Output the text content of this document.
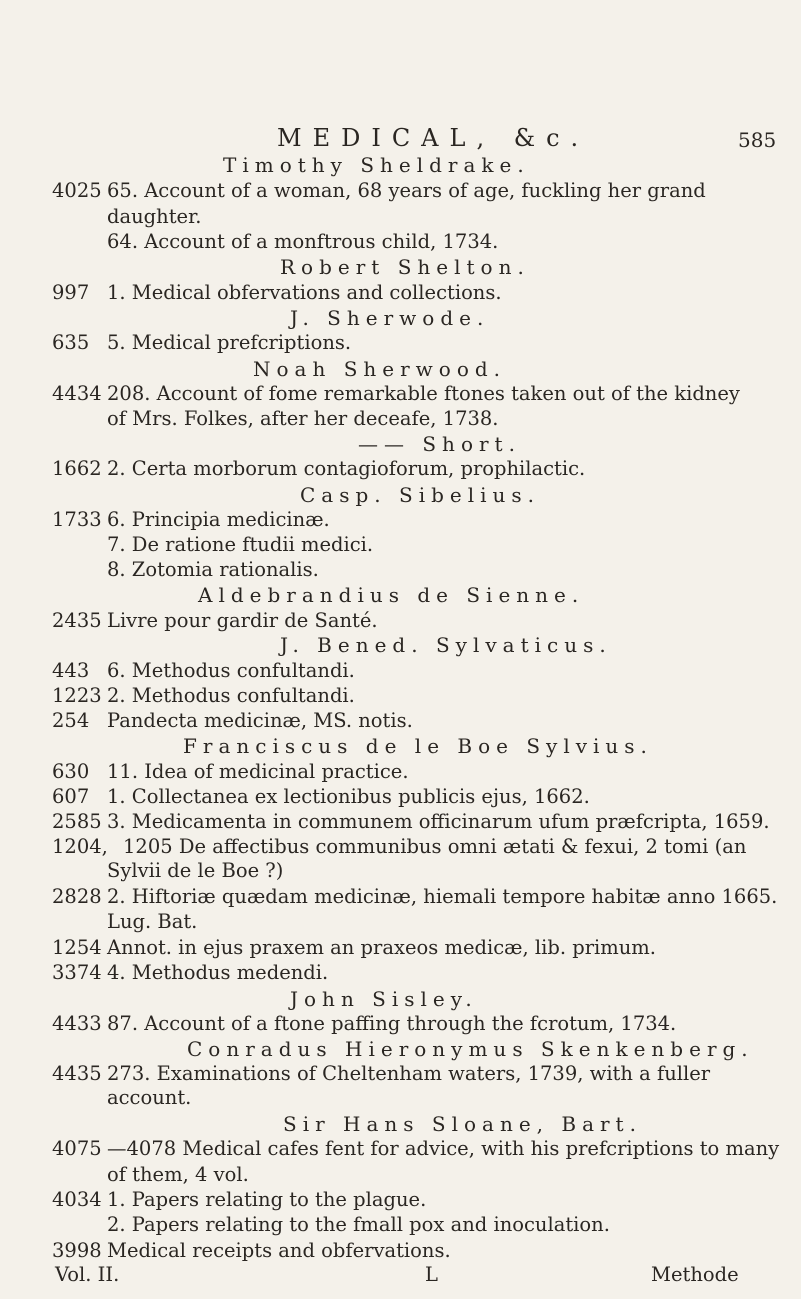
MEDICAL, &c.	585
Timothy Sheldrake.
4025 65. Account of a woman, 68 years of age, fuckling her grand
daughter.
64. Account of a monftrous child, 1734.
Robert Shelton.
997 1. Medical obfervations and collections.
J. Sherwode.
635 5. Medical prefcriptions.
Noah Sherwood.
4434 208. Account of fome remarkable ftones taken out of the kidney
of Mrs. Folkes, after her deceafe, 1738.
—— Short.
1662 2. Certa morborum contagioforum, prophilactic.
Casp. Sibelius.
1733 6. Principia medicinæ.
7. De ratione ftudii medici.
8. Zotomia rationalis.
Aldebrandius de Sienne.
2435 Livre pour gardir de Santé.
J. Bened. Sylvaticus.
443 6. Methodus confultandi.
1223 2. Methodus confultandi.
254 Pandecta medicinæ, MS. notis.
Franciscus de le Boe Sylvius.
630 11. Idea of medicinal practice.
607 1. Collectanea ex lectionibus publicis ejus, 1662.
2585 3. Medicamenta in communem officinarum ufum præfcripta, 1659.
1204, 1205 De affectibus communibus omni ætati & fexui, 2 tomi (an
Sylvii de le Boe ?)
2828 2. Hiftoriæ quædam medicinæ, hiemali tempore habitæ anno 1665.
Lug. Bat.
1254 Annot. in ejus praxem an praxeos medicæ, lib. primum.
3374 4. Methodus medendi.
John Sisley.
4433 87. Account of a ftone paffing through the fcrotum, 1734.
Conradus Hieronymus Skenkenberg.
4435 273. Examinations of Cheltenham waters, 1739, with a fuller
account.
Sir Hans Sloane, Bart.
4075 —4078 Medical cafes fent for advice, with his prefcriptions to many
of them, 4 vol.
4034 1. Papers relating to the plague.
2. Papers relating to the fmall pox and inoculation.
3998 Medical receipts and obfervations.
Vol. II.	L	Methode
